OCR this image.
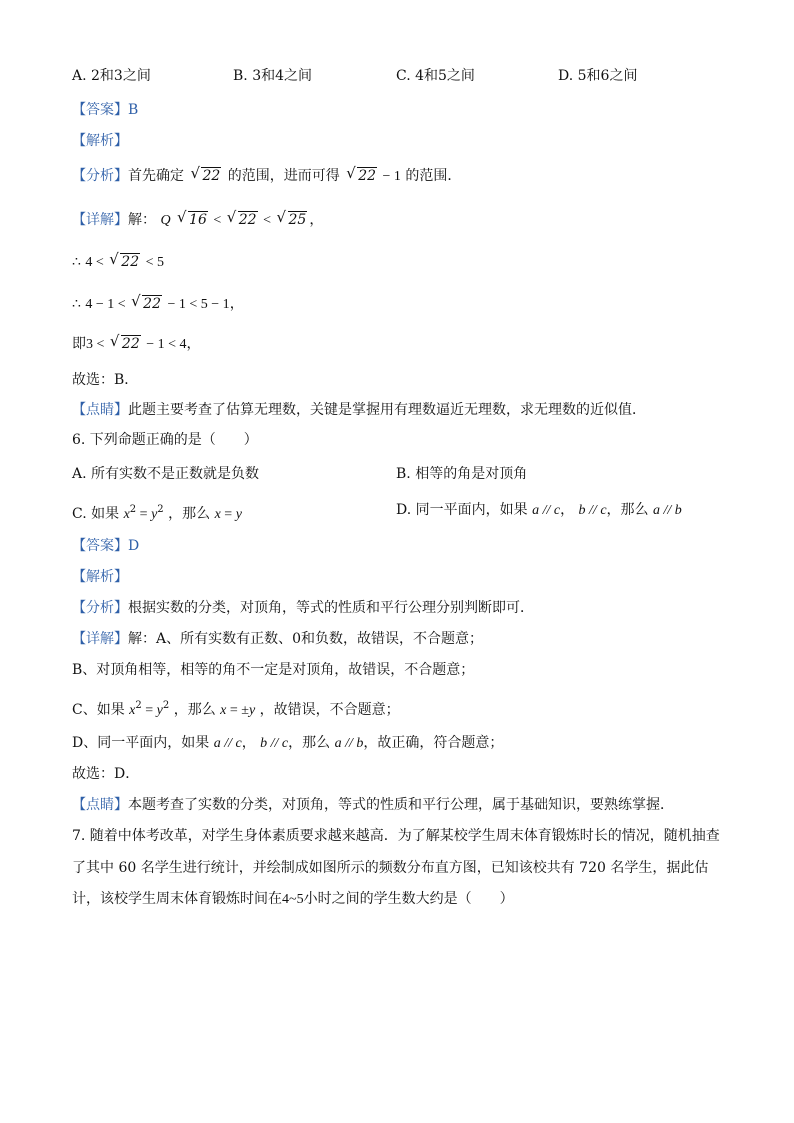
A. 2和3之间	B. 3和4之间	C. 4和5之间	D. 5和6之间
【答案】B
【解析】
【分析】首先确定 √ 22 的范围，进而可得 √ 22 − 1 的范围．
【详解】解： Q √ 16 < √ 22 < √ 25 ，
∴ 4 < √ 22 < 5
∴ 4 − 1 < √ 22 − 1 < 5 − 1，
即3 < √ 22 − 1 < 4，
故选：B．
【点睛】此题主要考查了估算无理数，关键是掌握用有理数逼近无理数，求无理数的近似值．
6. 下列命题正确的是（　　）
A. 所有实数不是正数就是负数	B. 相等的角是对顶角
C. 如果 $x^2 = y^2$ ，那么 x = y	D. 同一平面内，如果 a // c， b // c，那么 a // b
【答案】D
【解析】
【分析】根据实数的分类，对顶角，等式的性质和平行公理分别判断即可．
【详解】解：A、所有实数有正数、0和负数，故错误，不合题意；
B、对顶角相等，相等的角不一定是对顶角，故错误，不合题意；
C、如果 $x^2 = y^2$ ，那么 x = ±y ，故错误，不合题意；
D、同一平面内，如果 a // c， b // c，那么 a // b，故正确，符合题意；
故选：D．
【点睛】本题考查了实数的分类，对顶角，等式的性质和平行公理，属于基础知识，要熟练掌握．
7. 随着中体考改革，对学生身体素质要求越来越高．为了解某校学生周末体育锻炼时长的情况，随机抽查
了其中 60 名学生进行统计，并绘制成如图所示的频数分布直方图，已知该校共有 720 名学生，据此估
计，该校学生周末体育锻炼时间在4~5小时之间的学生数大约是（　　）
